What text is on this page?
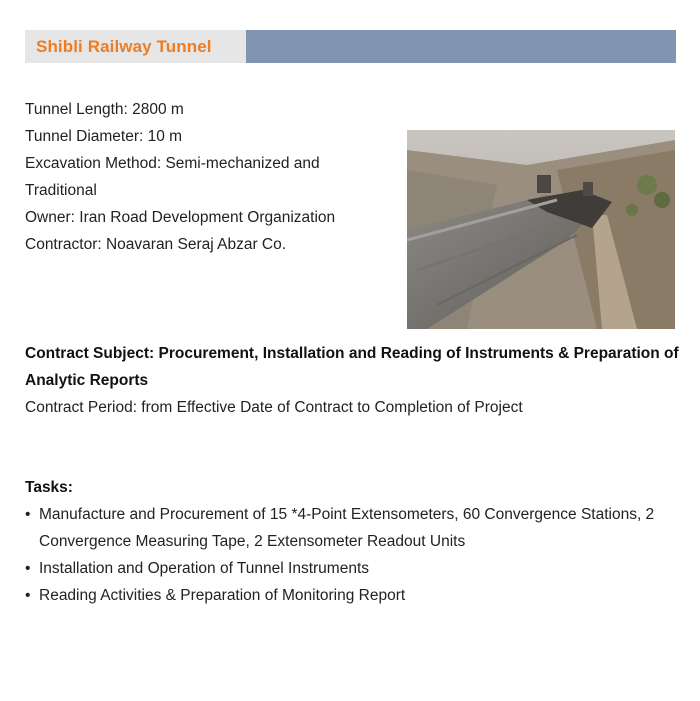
Shibli Railway Tunnel
Tunnel Length: 2800 m
Tunnel Diameter: 10 m
Excavation Method: Semi-mechanized and Traditional
Owner: Iran Road Development Organization
Contractor: Noavaran Seraj Abzar Co.
Contract Subject: Procurement, Installation and Reading of Instruments & Preparation of Analytic Reports
Contract Period: from Effective Date of Contract to Completion of Project
Tasks:
• Manufacture and Procurement of 15 *4-Point Extensometers, 60 Convergence Stations, 2 Convergence Measuring Tape, 2 Extensometer Readout Units
• Installation and Operation of Tunnel Instruments
• Reading Activities & Preparation of Monitoring Report
